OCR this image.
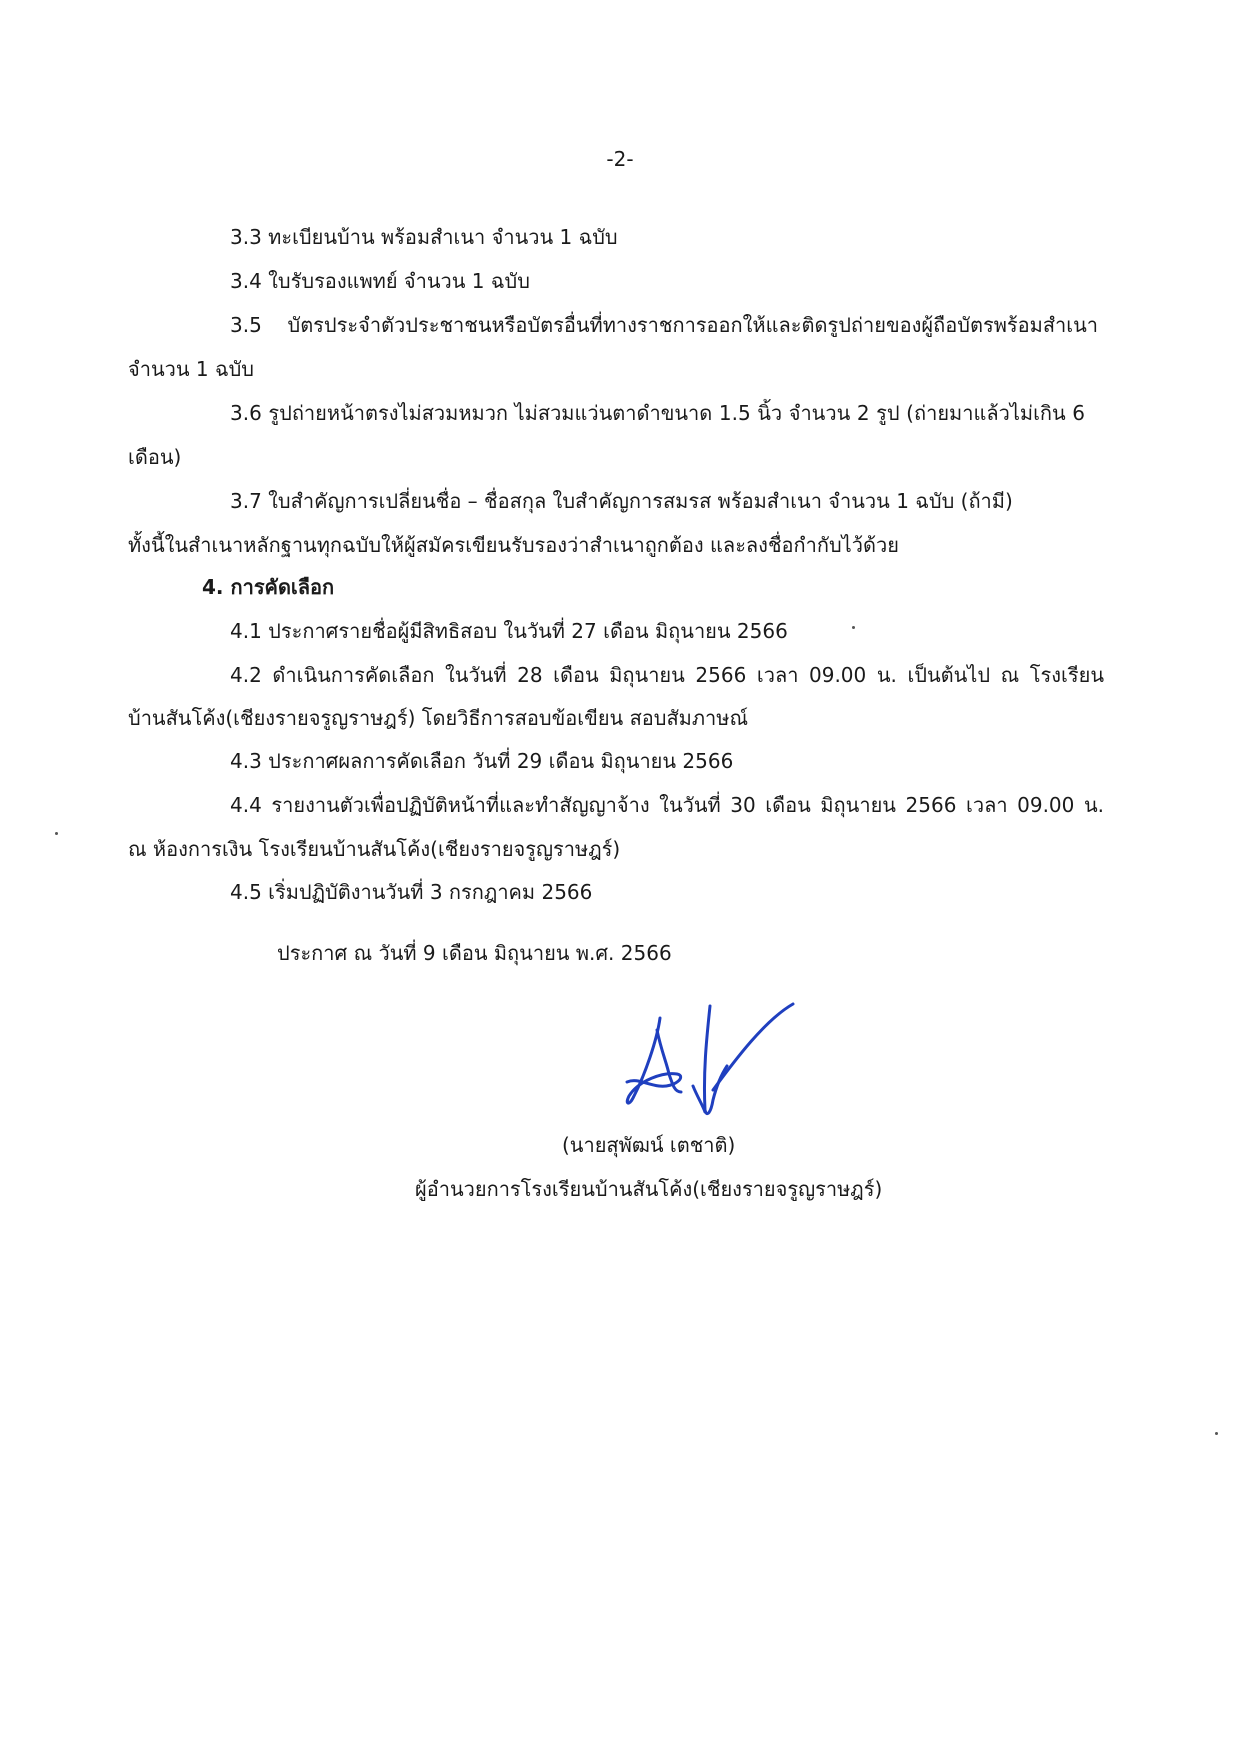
-2-
3.3 ทะเบียนบ้าน พร้อมสำเนา จำนวน 1 ฉบับ
3.4 ใบรับรองแพทย์ จำนวน 1 ฉบับ
3.5 บัตรประจำตัวประชาชนหรือบัตรอื่นที่ทางราชการออกให้และติดรูปถ่ายของผู้ถือบัตรพร้อมสำเนา
จำนวน 1 ฉบับ
3.6 รูปถ่ายหน้าตรงไม่สวมหมวก ไม่สวมแว่นตาดำขนาด 1.5 นิ้ว จำนวน 2 รูป (ถ่ายมาแล้วไม่เกิน 6
เดือน)
3.7 ใบสำคัญการเปลี่ยนชื่อ – ชื่อสกุล ใบสำคัญการสมรส พร้อมสำเนา จำนวน 1 ฉบับ (ถ้ามี)
ทั้งนี้ในสำเนาหลักฐานทุกฉบับให้ผู้สมัครเขียนรับรองว่าสำเนาถูกต้อง และลงชื่อกำกับไว้ด้วย
4. การคัดเลือก
4.1 ประกาศรายชื่อผู้มีสิทธิสอบ ในวันที่ 27 เดือน มิถุนายน 2566
4.2 ดำเนินการคัดเลือก ในวันที่ 28 เดือน มิถุนายน 2566 เวลา 09.00 น. เป็นต้นไป ณ โรงเรียน
บ้านสันโค้ง(เชียงรายจรูญราษฎร์) โดยวิธีการสอบข้อเขียน สอบสัมภาษณ์
4.3 ประกาศผลการคัดเลือก วันที่ 29 เดือน มิถุนายน 2566
4.4 รายงานตัวเพื่อปฏิบัติหน้าที่และทำสัญญาจ้าง ในวันที่ 30 เดือน มิถุนายน 2566 เวลา 09.00 น.
ณ ห้องการเงิน โรงเรียนบ้านสันโค้ง(เชียงรายจรูญราษฎร์)
4.5 เริ่มปฏิบัติงานวันที่ 3 กรกฎาคม 2566
ประกาศ ณ วันที่ 9 เดือน มิถุนายน พ.ศ. 2566
(นายสุพัฒน์ เตชาติ)
ผู้อำนวยการโรงเรียนบ้านสันโค้ง(เชียงรายจรูญราษฎร์)
